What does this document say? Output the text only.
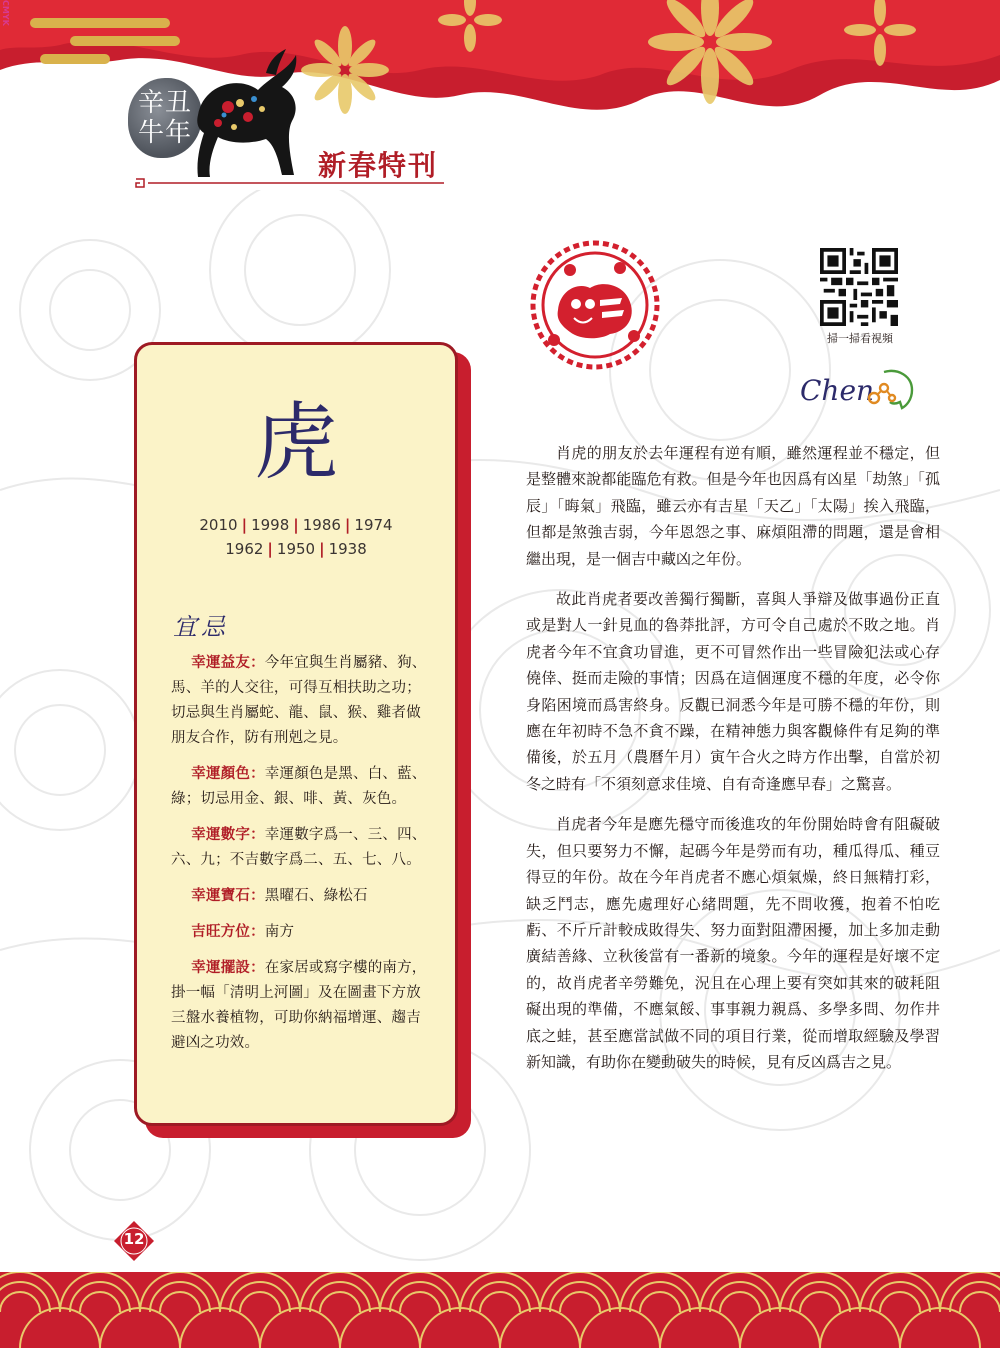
CMYK
辛丑
牛年
新春特刊
虎
2010 | 1998 | 1986 | 1974
1962 | 1950 | 1938
宜忌

幸運益友：今年宜與生肖屬豬、狗、馬、羊的人交往，可得互相扶助之功；切忌與生肖屬蛇、龍、鼠、猴、雞者做朋友合作，防有刑剋之見。

幸運顏色：幸運顏色是黑、白、藍、綠；切忌用金、銀、啡、黃、灰色。

幸運數字：幸運數字爲一、三、四、六、九；不吉數字爲二、五、七、八。

幸運寶石：黑曜石、綠松石

吉旺方位：南方

幸運擺設：在家居或寫字樓的南方，掛一幅「清明上河圖」及在圖畫下方放三盤水養植物，可助你納福增運、趨吉避凶之功效。

掃一掃看視頻
Chen

肖虎的朋友於去年運程有逆有順，雖然運程並不穩定，但是整體來說都能臨危有救。但是今年也因爲有凶星「劫煞」「孤辰」「晦氣」飛臨，雖云亦有吉星「天乙」「太陽」挨入飛臨，但都是煞強吉弱，今年恩怨之事、麻煩阻滯的問題，還是會相繼出現，是一個吉中藏凶之年份。

故此肖虎者要改善獨行獨斷，喜與人爭辯及做事過份正直或是對人一針見血的魯莽批評，方可令自己處於不敗之地。肖虎者今年不宜貪功冒進，更不可冒然作出一些冒險犯法或心存僥倖、挺而走險的事情；因爲在這個運度不穩的年度，必令你身陷困境而爲害終身。反觀已洞悉今年是可勝不穩的年份，則應在年初時不急不貪不躁，在精神態力與客觀條件有足夠的準備後，於五月（農曆午月）寅午合火之時方作出擊，自當於初冬之時有「不須刻意求佳境、自有奇逢應早春」之驚喜。

肖虎者今年是應先穩守而後進攻的年份開始時會有阻礙破失，但只要努力不懈，起碼今年是勞而有功，種瓜得瓜、種豆得豆的年份。故在今年肖虎者不應心煩氣燥，終日無精打彩，缺乏鬥志，應先處理好心緒問題，先不問收獲，抱着不怕吃虧、不斤斤計較成敗得失、努力面對阻滯困擾，加上多加走動廣結善緣、立秋後當有一番新的境象。今年的運程是好壞不定的，故肖虎者辛勞難免，況且在心理上要有突如其來的破耗阻礙出現的準備，不應氣餒、事事親力親爲、多學多問、勿作井底之蛙，甚至應當試做不同的項目行業，從而增取經驗及學習新知識，有助你在變動破失的時候，見有反凶爲吉之見。

12
